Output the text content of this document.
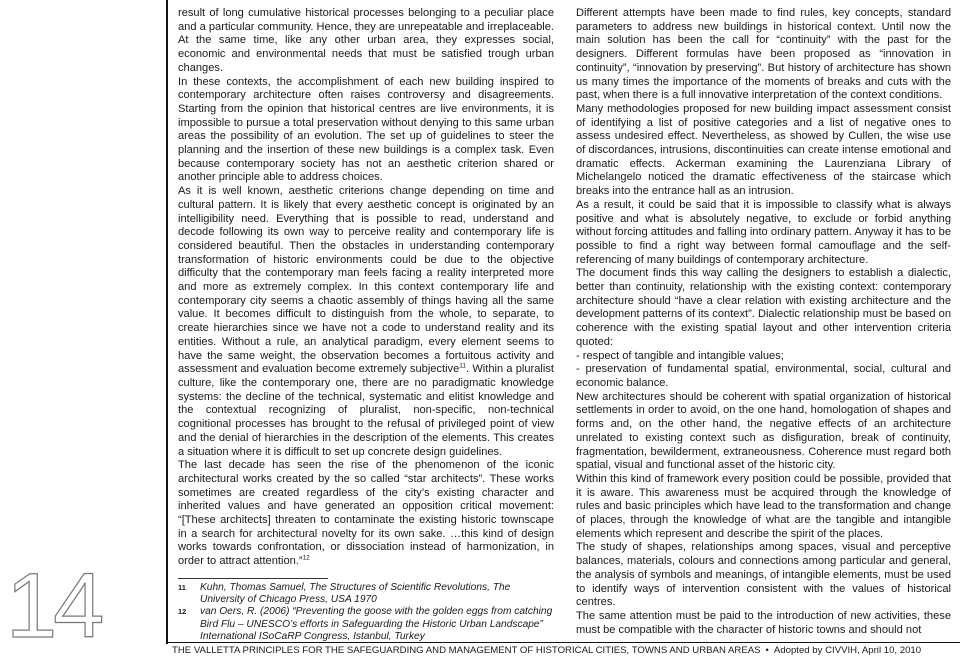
14

result of long cumulative historical processes belonging to a peculiar place and a particular community. Hence, they are unrepeatable and irreplaceable. At the same time, like any other urban area, they expresses social, economic and environmental needs that must be satisfied trough urban changes.

In these contexts, the accomplishment of each new building inspired to contemporary architecture often raises controversy and disagreements. Starting from the opinion that historical centres are live environments, it is impossible to pursue a total preservation without denying to this same urban areas the possibility of an evolution. The set up of guidelines to steer the planning and the insertion of these new buildings is a complex task. Even because contemporary society has not an aesthetic criterion shared or another principle able to address choices.

As it is well known, aesthetic criterions change depending on time and cultural pattern. It is likely that every aesthetic concept is originated by an intelligibility need. Everything that is possible to read, understand and decode following its own way to perceive reality and contemporary life is considered beautiful. Then the obstacles in understanding contemporary transformation of historic environments could be due to the objective difficulty that the contemporary man feels facing a reality interpreted more and more as extremely complex. In this context contemporary life and contemporary city seems a chaotic assembly of things having all the same value. It becomes difficult to distinguish from the whole, to separate, to create hierarchies since we have not a code to understand reality and its entities. Without a rule, an analytical paradigm, every element seems to have the same weight, the observation becomes a fortuitous activity and assessment and evaluation become extremely subjective$^{11}$. Within a pluralist culture, like the contemporary one, there are no paradigmatic knowledge systems: the decline of the technical, systematic and elitist knowledge and the contextual recognizing of pluralist, non-specific, non-technical cognitional processes has brought to the refusal of privileged point of view and the denial of hierarchies in the description of the elements. This creates a situation where it is difficult to set up concrete design guidelines.

The last decade has seen the rise of the phenomenon of the iconic architectural works created by the so called “star architects”. These works sometimes are created regardless of the city’s existing character and inherited values and have generated an opposition critical movement: “[These architects] threaten to contaminate the existing historic townscape in a search for architectural novelty for its own sake. …this kind of design works towards confrontation, or dissociation instead of harmonization, in order to attract attention.”$^{12}$

11	Kuhn, Thomas Samuel, The Structures of Scientific Revolutions, The University of Chicago Press, USA 1970
12	van Oers, R. (2006) “Preventing the goose with the golden eggs from catching Bird Flu – UNESCO’s efforts in Safeguarding the Historic Urban Landscape” International ISoCaRP Congress, Istanbul, Turkey

Different attempts have been made to find rules, key concepts, standard parameters to address new buildings in historical context. Until now the main solution has been the call for “continuity” with the past for the designers. Different formulas have been proposed as “innovation in continuity”, “innovation by preserving”. But history of architecture has shown us many times the importance of the moments of breaks and cuts with the past, when there is a full innovative interpretation of the context conditions.

Many methodologies proposed for new building impact assessment consist of identifying a list of positive categories and a list of negative ones to assess undesired effect. Nevertheless, as showed by Cullen, the wise use of discordances, intrusions, discontinuities can create intense emotional and dramatic effects. Ackerman examining the Laurenziana Library of Michelangelo noticed the dramatic effectiveness of the staircase which breaks into the entrance hall as an intrusion.

As a result, it could be said that it is impossible to classify what is always positive and what is absolutely negative, to exclude or forbid anything without forcing attitudes and falling into ordinary pattern. Anyway it has to be possible to find a right way between formal camouflage and the self-referencing of many buildings of contemporary architecture.

The document finds this way calling the designers to establish a dialectic, better than continuity, relationship with the existing context: contemporary architecture should “have a clear relation with existing architecture and the development patterns of its context”. Dialectic relationship must be based on coherence with the existing spatial layout and other intervention criteria quoted:

- respect of tangible and intangible values;

- preservation of fundamental spatial, environmental, social, cultural and economic balance.

New architectures should be coherent with spatial organization of historical settlements in order to avoid, on the one hand, homologation of shapes and forms and, on the other hand, the negative effects of an architecture unrelated to existing context such as disfiguration, break of continuity, fragmentation, bewilderment, extraneousness. Coherence must regard both spatial, visual and functional asset of the historic city.

Within this kind of framework every position could be possible, provided that it is aware. This awareness must be acquired through the knowledge of rules and basic principles which have lead to the transformation and change of places, through the knowledge of what are the tangible and intangible elements which represent and describe the spirit of the places.

The study of shapes, relationships among spaces, visual and perceptive balances, materials, colours and connections among particular and general, the analysis of symbols and meanings, of intangible elements, must be used to identify ways of intervention consistent with the values of historical centres.

The same attention must be paid to the introduction of new activities, these must be compatible with the character of historic towns and should not

THE VALLETTA PRINCIPLES FOR THE SAFEGUARDING AND MANAGEMENT OF HISTORICAL CITIES, TOWNS AND URBAN AREAS • Adopted by CIVVIH, April 10, 2010
